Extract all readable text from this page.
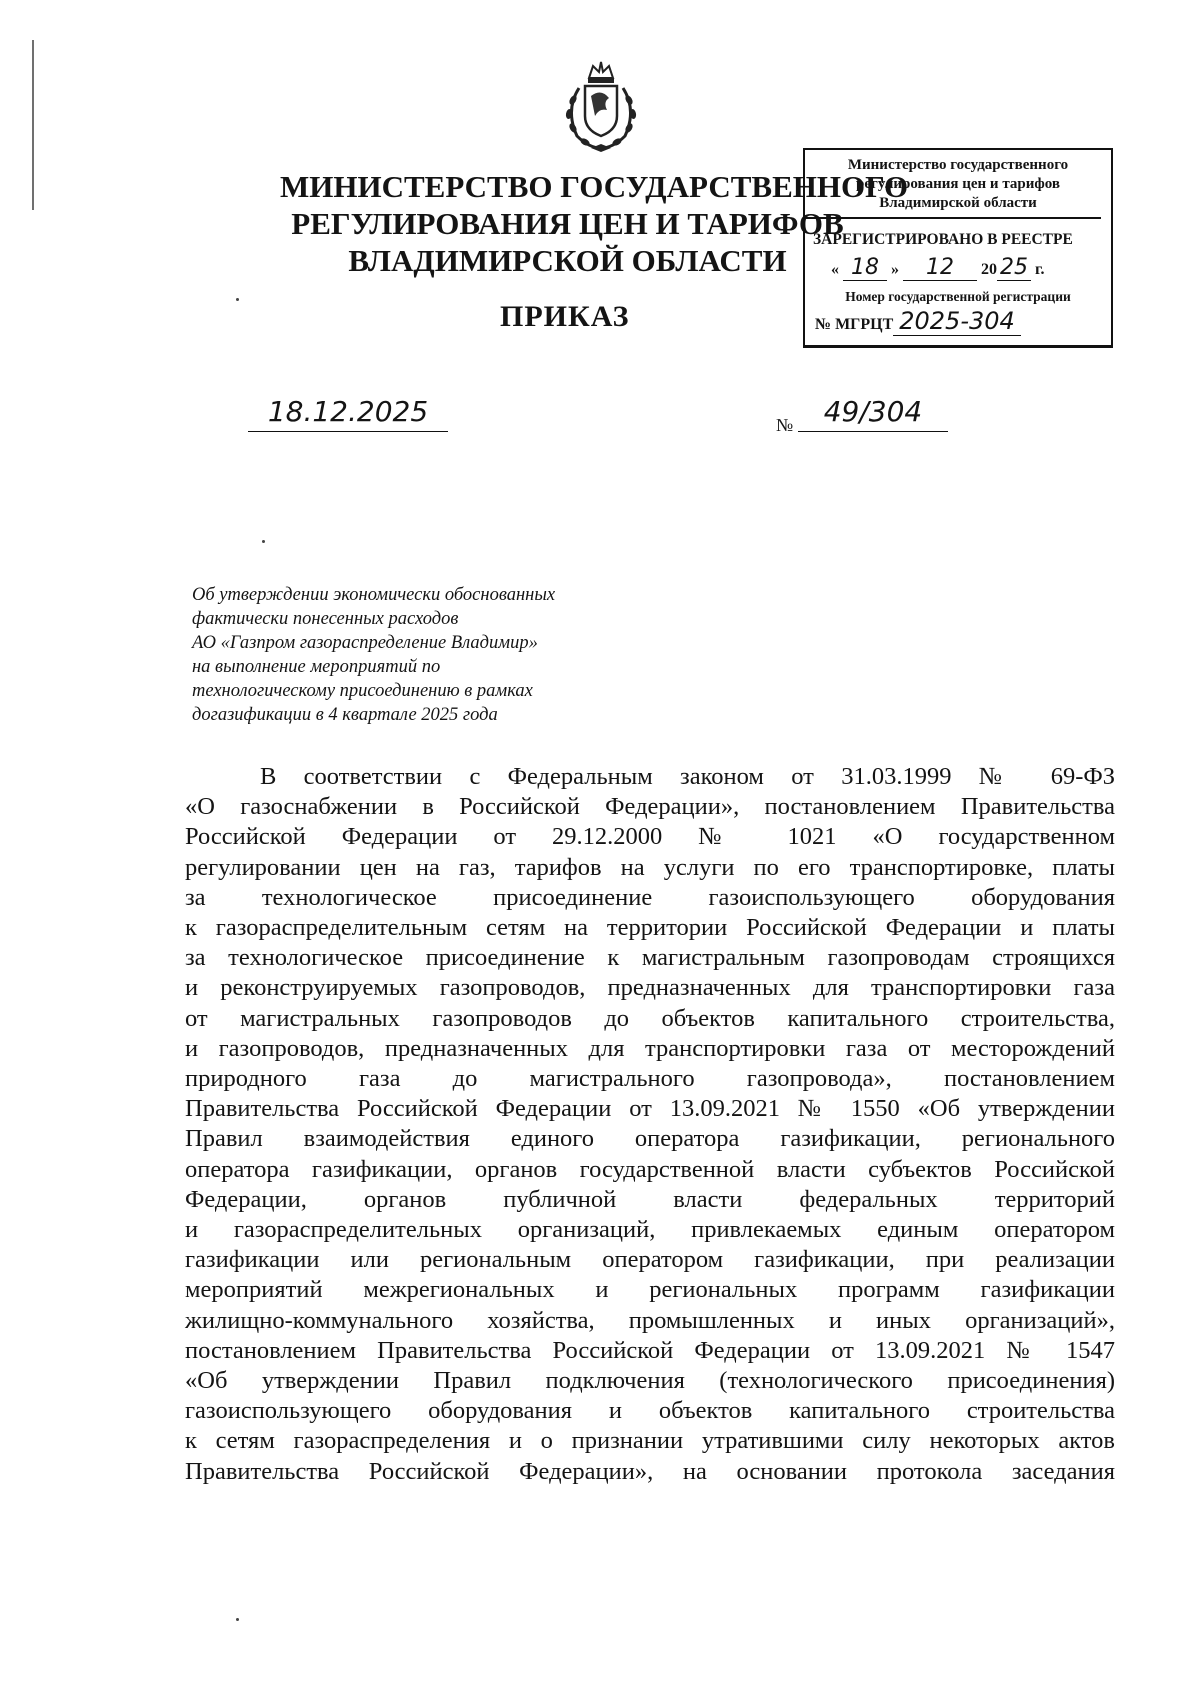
МИНИСТЕРСТВО ГОСУДАРСТВЕННОГО
РЕГУЛИРОВАНИЯ ЦЕН И ТАРИФОВ
ВЛАДИМИРСКОЙ ОБЛАСТИ
ПРИКАЗ
Министерство государственного
регулирования цен и тарифов
Владимирской области
ЗАРЕГИСТРИРОВАНО В РЕЕСТРЕ
« 18 » 12 20 25 г.
Номер государственной регистрации
№ МГРЦТ 2025-304
18.12.2025	№	49/304
Об утверждении экономически обоснованных
фактически понесенных расходов
АО «Газпром газораспределение Владимир»
на выполнение мероприятий по
технологическому присоединению в рамках
догазификации в 4 квартале 2025 года
В соответствии с Федеральным законом от 31.03.1999 № 69-ФЗ
«О газоснабжении в Российской Федерации», постановлением Правительства
Российской Федерации от 29.12.2000 № 1021 «О государственном
регулировании цен на газ, тарифов на услуги по его транспортировке, платы
за технологическое присоединение газоиспользующего оборудования
к газораспределительным сетям на территории Российской Федерации и платы
за технологическое присоединение к магистральным газопроводам строящихся
и реконструируемых газопроводов, предназначенных для транспортировки газа
от магистральных газопроводов до объектов капитального строительства,
и газопроводов, предназначенных для транспортировки газа от месторождений
природного газа до магистрального газопровода», постановлением
Правительства Российской Федерации от 13.09.2021 № 1550 «Об утверждении
Правил взаимодействия единого оператора газификации, регионального
оператора газификации, органов государственной власти субъектов Российской
Федерации, органов публичной власти федеральных территорий
и газораспределительных организаций, привлекаемых единым оператором
газификации или региональным оператором газификации, при реализации
мероприятий межрегиональных и региональных программ газификации
жилищно-коммунального хозяйства, промышленных и иных организаций»,
постановлением Правительства Российской Федерации от 13.09.2021 № 1547
«Об утверждении Правил подключения (технологического присоединения)
газоиспользующего оборудования и объектов капитального строительства
к сетям газораспределения и о признании утратившими силу некоторых актов
Правительства Российской Федерации», на основании протокола заседания
